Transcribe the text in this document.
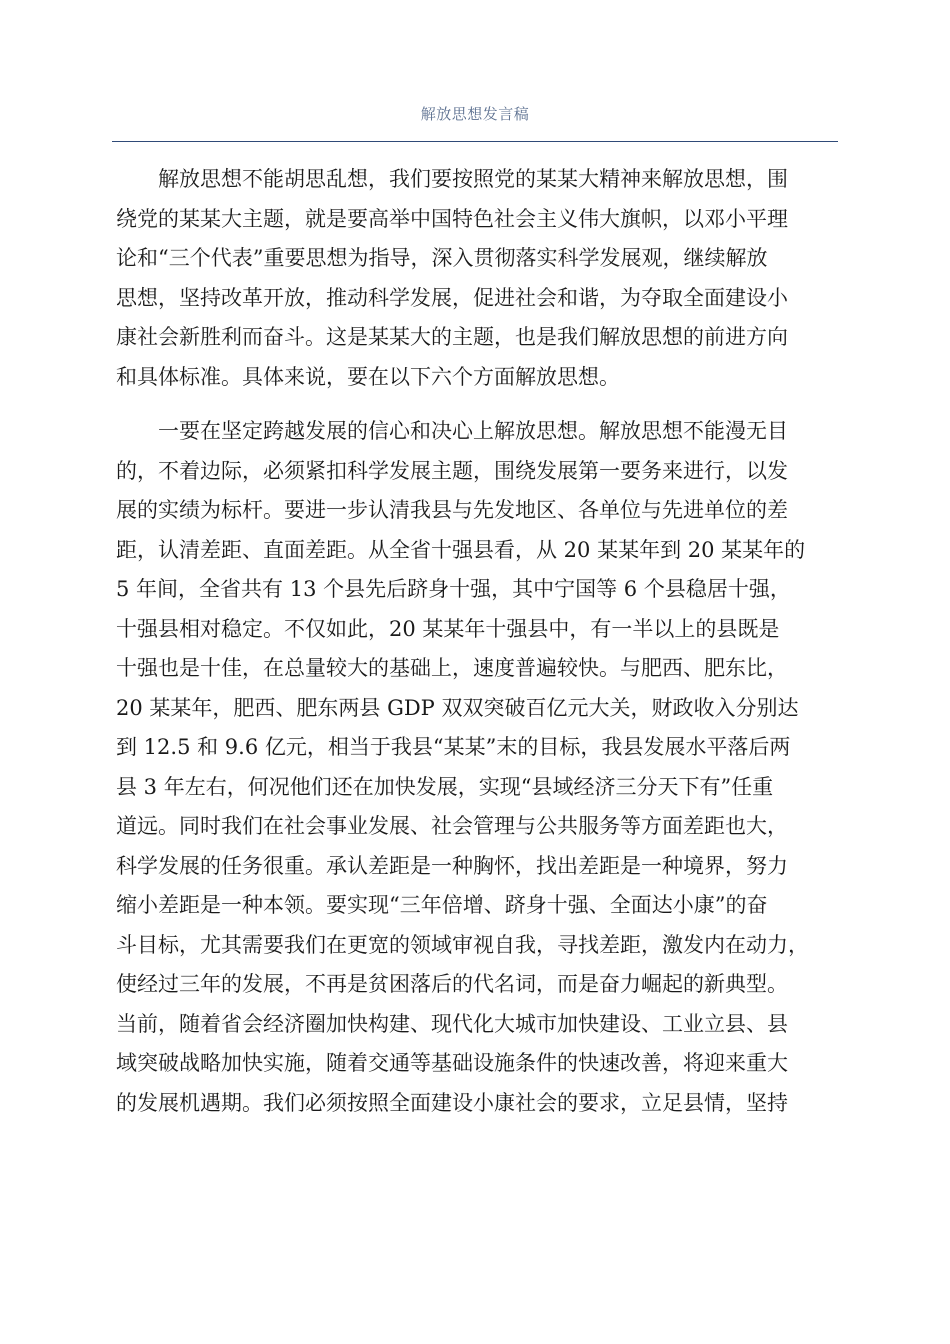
解放思想发言稿

解放思想不能胡思乱想，我们要按照党的某某大精神来解放思想，围
绕党的某某大主题，就是要高举中国特色社会主义伟大旗帜，以邓小平理
论和“三个代表”重要思想为指导，深入贯彻落实科学发展观，继续解放
思想，坚持改革开放，推动科学发展，促进社会和谐，为夺取全面建设小
康社会新胜利而奋斗。这是某某大的主题，也是我们解放思想的前进方向
和具体标准。具体来说，要在以下六个方面解放思想。

一要在坚定跨越发展的信心和决心上解放思想。解放思想不能漫无目
的，不着边际，必须紧扣科学发展主题，围绕发展第一要务来进行，以发
展的实绩为标杆。要进一步认清我县与先发地区、各单位与先进单位的差
距，认清差距、直面差距。从全省十强县看，从 20 某某年到 20 某某年的
5 年间，全省共有 13 个县先后跻身十强，其中宁国等 6 个县稳居十强，
十强县相对稳定。不仅如此，20 某某年十强县中，有一半以上的县既是
十强也是十佳，在总量较大的基础上，速度普遍较快。与肥西、肥东比，
20 某某年，肥西、肥东两县 GDP 双双突破百亿元大关，财政收入分别达
到 12.5 和 9.6 亿元，相当于我县“某某”末的目标，我县发展水平落后两
县 3 年左右，何况他们还在加快发展，实现“县域经济三分天下有”任重
道远。同时我们在社会事业发展、社会管理与公共服务等方面差距也大，
科学发展的任务很重。承认差距是一种胸怀，找出差距是一种境界，努力
缩小差距是一种本领。要实现“三年倍增、跻身十强、全面达小康”的奋
斗目标，尤其需要我们在更宽的领域审视自我，寻找差距，激发内在动力，
使经过三年的发展，不再是贫困落后的代名词，而是奋力崛起的新典型。
当前，随着省会经济圈加快构建、现代化大城市加快建设、工业立县、县
域突破战略加快实施，随着交通等基础设施条件的快速改善，将迎来重大
的发展机遇期。我们必须按照全面建设小康社会的要求，立足县情，坚持
